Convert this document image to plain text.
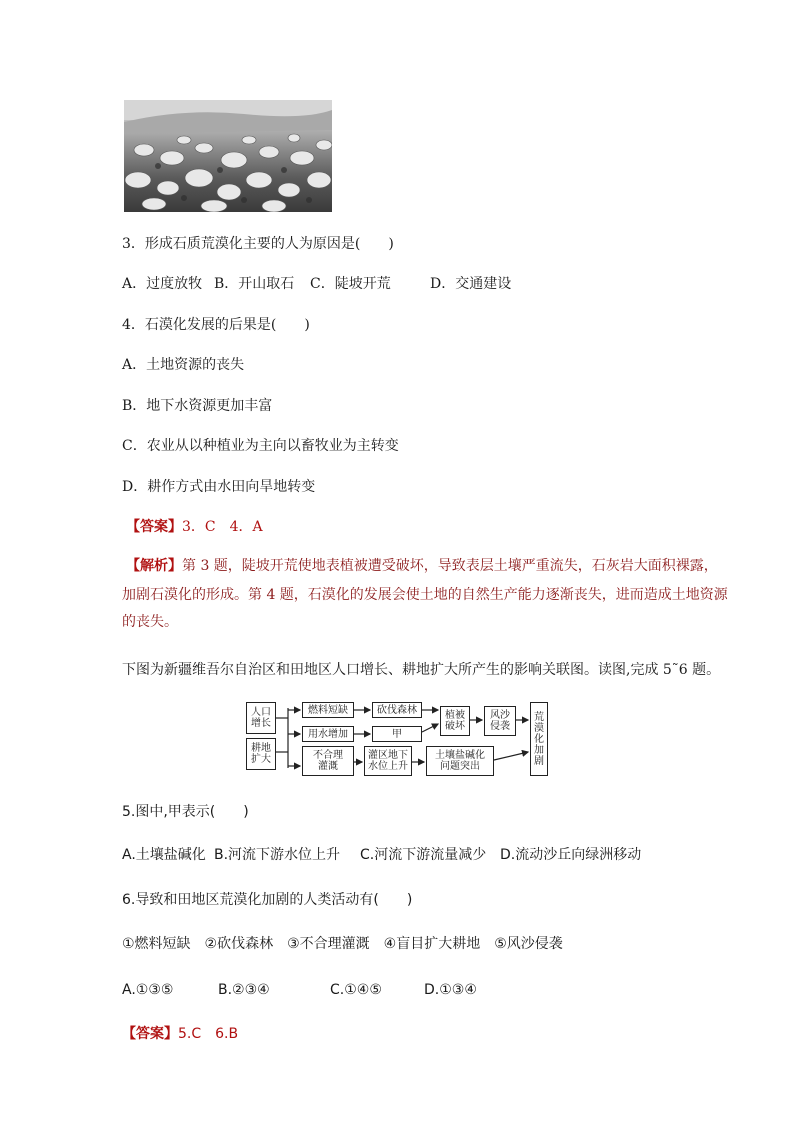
3．形成石质荒漠化主要的人为原因是(　　)
A．过度放牧 B．开山取石 C．陡坡开荒	D．交通建设
4．石漠化发展的后果是(　　)
A．土地资源的丧失
B．地下水资源更加丰富
C．农业从以种植业为主向以畜牧业为主转变
D．耕作方式由水田向旱地转变
【答案】3．C　4．A
【解析】第 3 题，陡坡开荒使地表植被遭受破坏，导致表层土壤严重流失，石灰岩大面积裸露，
加剧石漠化的形成。第 4 题，石漠化的发展会使土地的自然生产能力逐渐丧失，进而造成土地资源
的丧失。
下图为新疆维吾尔自治区和田地区人口增长、耕地扩大所产生的影响关联图。读图,完成 5˜6 题。
人口
增长
耕地
扩大
燃料短缺	砍伐森林
用水增加	甲
不合理
灌溉
灌区地下
水位上升
土壤盐碱化
问题突出
植被
破坏
风沙
侵袭
荒
漠
化
加
剧
5.图中,甲表示(　　)
A.土壤盐碱化 B.河流下游水位上升 C.河流下游流量减少 D.流动沙丘向绿洲移动
6.导致和田地区荒漠化加剧的人类活动有(　　)
①燃料短缺　②砍伐森林　③不合理灌溉　④盲目扩大耕地　⑤风沙侵袭
A.①③⑤	B.②③④	C.①④⑤	D.①③④
【答案】5.C　6.B
